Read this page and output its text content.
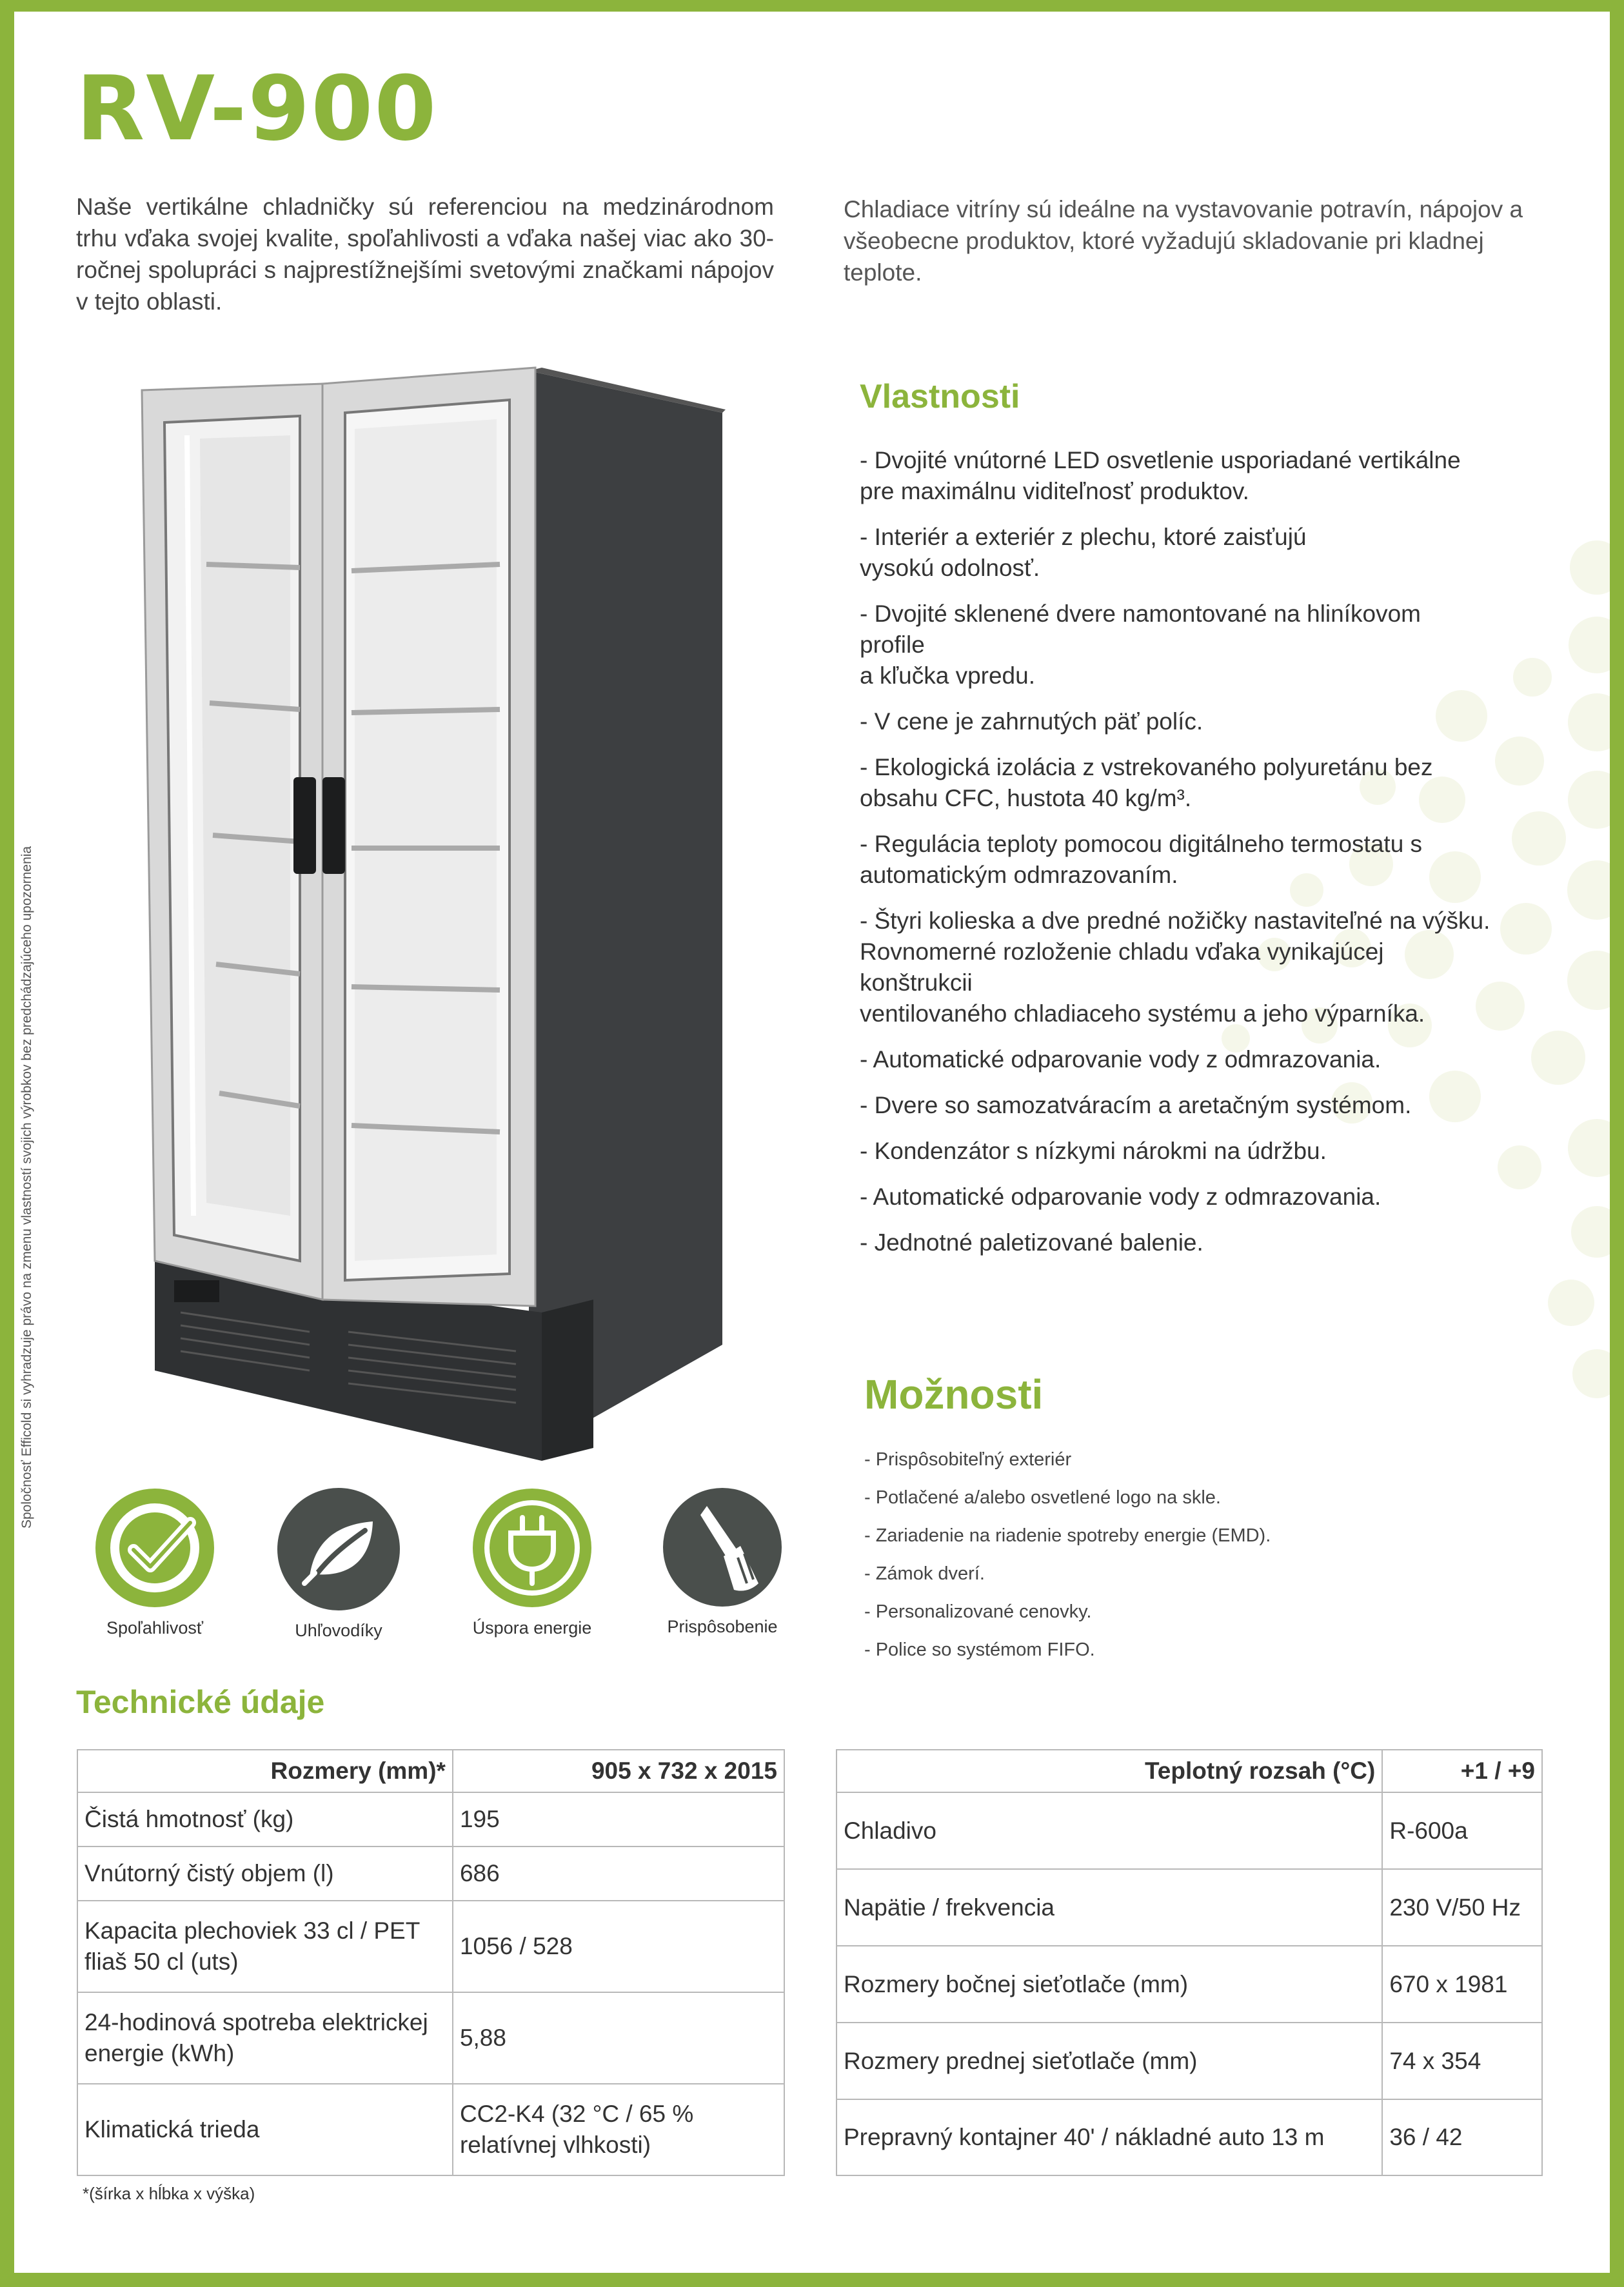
RV-900
Naše vertikálne chladničky sú referenciou na medzinárodnom trhu vďaka svojej kvalite, spoľahlivosti a vďaka našej viac ako 30-ročnej spolupráci s najprestížnejšími svetovými značkami nápojov v tejto oblasti.
Chladiace vitríny sú ideálne na vystavovanie potravín, nápojov a všeobecne produktov, ktoré vyžadujú skladovanie pri kladnej teplote.
Spoločnosť Efficold si vyhradzuje právo na zmenu vlastností svojich výrobkov bez predchádzajúceho upozornenia
Vlastnosti
- Dvojité vnútorné LED osvetlenie usporiadané vertikálne
pre maximálnu viditeľnosť produktov.
- Interiér a exteriér z plechu, ktoré zaisťujú
vysokú odolnosť.
- Dvojité sklenené dvere namontované na hliníkovom
profile
a kľučka vpredu.
- V cene je zahrnutých päť políc.
- Ekologická izolácia z vstrekovaného polyuretánu bez
obsahu CFC, hustota 40 kg/m³.
- Regulácia teploty pomocou digitálneho termostatu s
automatickým odmrazovaním.
- Štyri kolieska a dve predné nožičky nastaviteľné na výšku.
Rovnomerné rozloženie chladu vďaka vynikajúcej
konštrukcii
ventilovaného chladiaceho systému a jeho výparníka.
- Automatické odparovanie vody z odmrazovania.
- Dvere so samozatváracím a aretačným systémom.
- Kondenzátor s nízkymi nárokmi na údržbu.
- Automatické odparovanie vody z odmrazovania.
- Jednotné paletizované balenie.
Možnosti
- Prispôsobiteľný exteriér
- Potlačené a/alebo osvetlené logo na skle.
- Zariadenie na riadenie spotreby energie (EMD).
- Zámok dverí.
- Personalizované cenovky.
- Police so systémom FIFO.
Spoľahlivosť	Uhľovodíky	Úspora energie	Prispôsobenie
Technické údaje
Rozmery (mm)*	905 x 732 x 2015
Čistá hmotnosť (kg)	195
Vnútorný čistý objem (l)	686
Kapacita plechoviek 33 cl / PET fliaš 50 cl (uts)	1056 / 528
24-hodinová spotreba elektrickej energie (kWh)	5,88
Klimatická trieda	CC2-K4 (32 °C / 65 % relatívnej vlhkosti)
Teplotný rozsah (°C)	+1 / +9
Chladivo	R-600a
Napätie / frekvencia	230 V/50 Hz
Rozmery bočnej sieťotlače (mm)	670 x 1981
Rozmery prednej sieťotlače (mm)	74 x 354
Prepravný kontajner 40' / nákladné auto 13 m	36 / 42
*(šírka x hĺbka x výška)
